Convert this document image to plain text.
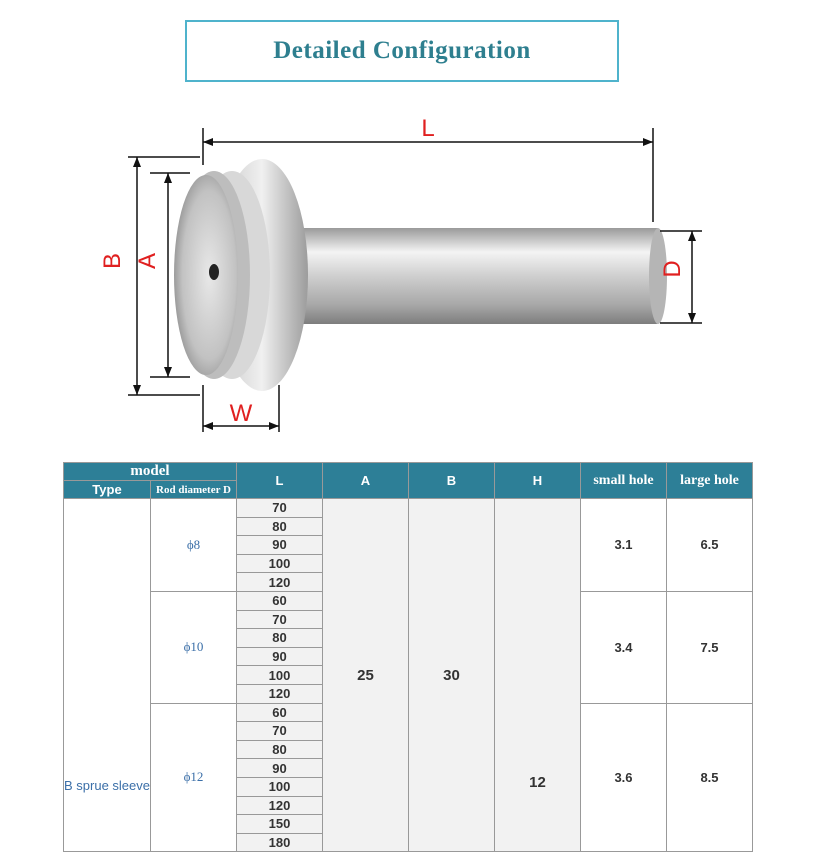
Detailed Configuration
L
B A	D
W
model		L	A	B	H	small hole	large hole
Type	Rod diameter D						
B sprue sleeve	ϕ8	70	25	30	12	3.1	6.5
		80					
		90					
		100					
		120					
	ϕ10	60				3.4	7.5
		70					
		80					
		90					
		100					
		120					
	ϕ12	60				3.6	8.5
		70					
		80					
		90					
		100					
		120					
		150					
		180					
